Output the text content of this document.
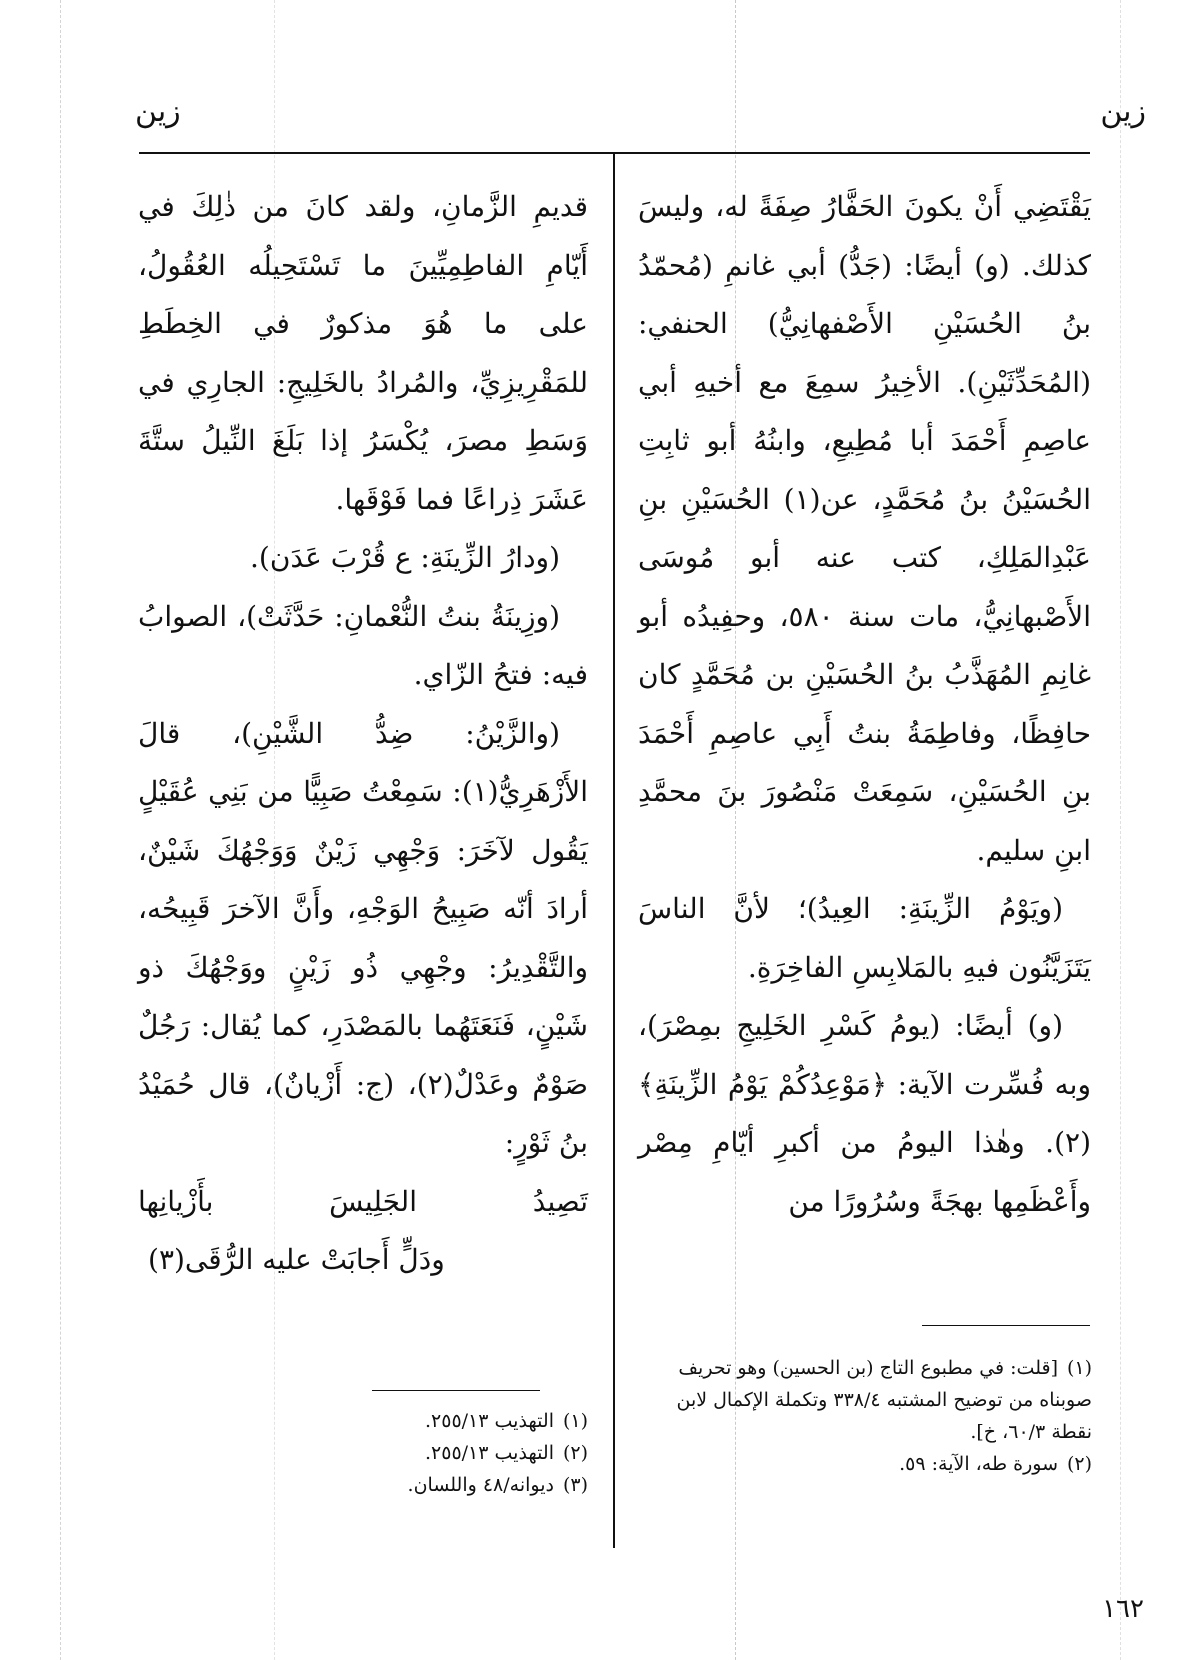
زين	زين

يَقْتَضِي أَنْ يكونَ الحَفَّارُ صِفَةً له، وليسَ كذلك. (و) أيضًا: (جَدُّ) أبي غانمِ (مُحمّدُ بنُ الحُسَيْنِ الأَصْفهانِيُّ) الحنفي: (المُحَدِّثَيْنِ). الأخِيرُ سمِعَ مع أخيهِ أبي عاصِمِ أَحْمَدَ أبا مُطِيعِ، وابنُهُ أبو ثابِتِ الحُسَيْنُ بنُ مُحَمَّدٍ، عن(١) الحُسَيْنِ بنِ عَبْدِالمَلِكِ، كتب عنه أبو مُوسَى الأَصْبهانِيُّ، مات سنة ٥٨٠، وحفِيدُه أبو غانِمِ المُهَذَّبُ بنُ الحُسَيْنِ بن مُحَمَّدٍ كان حافِظًا، وفاطِمَةُ بنتُ أَبِي عاصِمِ أَحْمَدَ بنِ الحُسَيْنِ، سَمِعَتْ مَنْصُورَ بنَ محمَّدِ ابنِ سليم.

(ويَوْمُ الزِّينَةِ: العِيدُ)؛ لأنَّ الناسَ يَتَزَيَّنُون فيهِ بالمَلابِسِ الفاخِرَةِ.

(و) أيضًا: (يومُ كَسْرِ الخَلِيجِ بمِصْرَ)، وبه فُسِّرت الآية: ﴿مَوْعِدُكُمْ يَوْمُ الزِّينَةِ﴾(٢). وهٰذا اليومُ من أكبرِ أيّامِ مِصْر وأَعْظَمِها بهجَةً وسُرُورًا من

قديمِ الزَّمانِ، ولقد كانَ من ذٰلِكَ في أَيّامِ الفاطِمِيِّينَ ما تَسْتَحِيلُه العُقُولُ، على ما هُوَ مذكورٌ في الخِطَطِ للمَقْرِيزِيِّ، والمُرادُ بالخَلِيجِ: الجارِي في وَسَطِ مصرَ، يُكْسَرُ إذا بَلَغَ النِّيلُ ستَّةَ عَشَرَ ذِراعًا فما فَوْقَها.

(ودارُ الزِّينَةِ: ع قُرْبَ عَدَن).

(وزِينَةُ بنتُ النُّعْمانِ: حَدَّثَتْ)، الصوابُ فيه: فتحُ الزّاي.

(والزَّيْنُ: ضِدُّ الشَّيْنِ)، قالَ الأَزْهَرِيُّ(١): سَمِعْتُ صَبِيًّا من بَنِي عُقَيْلٍ يَقُول لآخَرَ: وَجْهِي زَيْنٌ وَوَجْهُكَ شَيْنٌ، أرادَ أنّه صَبِيحُ الوَجْهِ، وأَنَّ الآخرَ قَبِيحُه، والتَّقْدِيرُ: وجْهِي ذُو زَيْنٍ ووَجْهُكَ ذو شَيْنٍ، فَنَعَتَهُما بالمَصْدَرِ، كما يُقال: رَجُلٌ صَوْمٌ وعَدْلٌ(٢)، (ج: أَزْيانٌ)، قال حُمَيْدُ بنُ ثَوْرٍ:

تَصِيدُ الجَلِيسَ بأَزْيانِها

ودَلٍّ أَجابَتْ عليه الرُّقَى(٣)

(١)[قلت: في مطبوع التاج (بن الحسين) وهو تحريف صوبناه من توضيح المشتبه ٣٣٨/٤ وتكملة الإكمال لابن نقطة ٦٠/٣، خ].

(٢)سورة طه، الآية: ٥٩.

(١)التهذيب ٢٥٥/١٣.

(٢)التهذيب ٢٥٥/١٣.

(٣)ديوانه/٤٨ واللسان.

١٦٢
